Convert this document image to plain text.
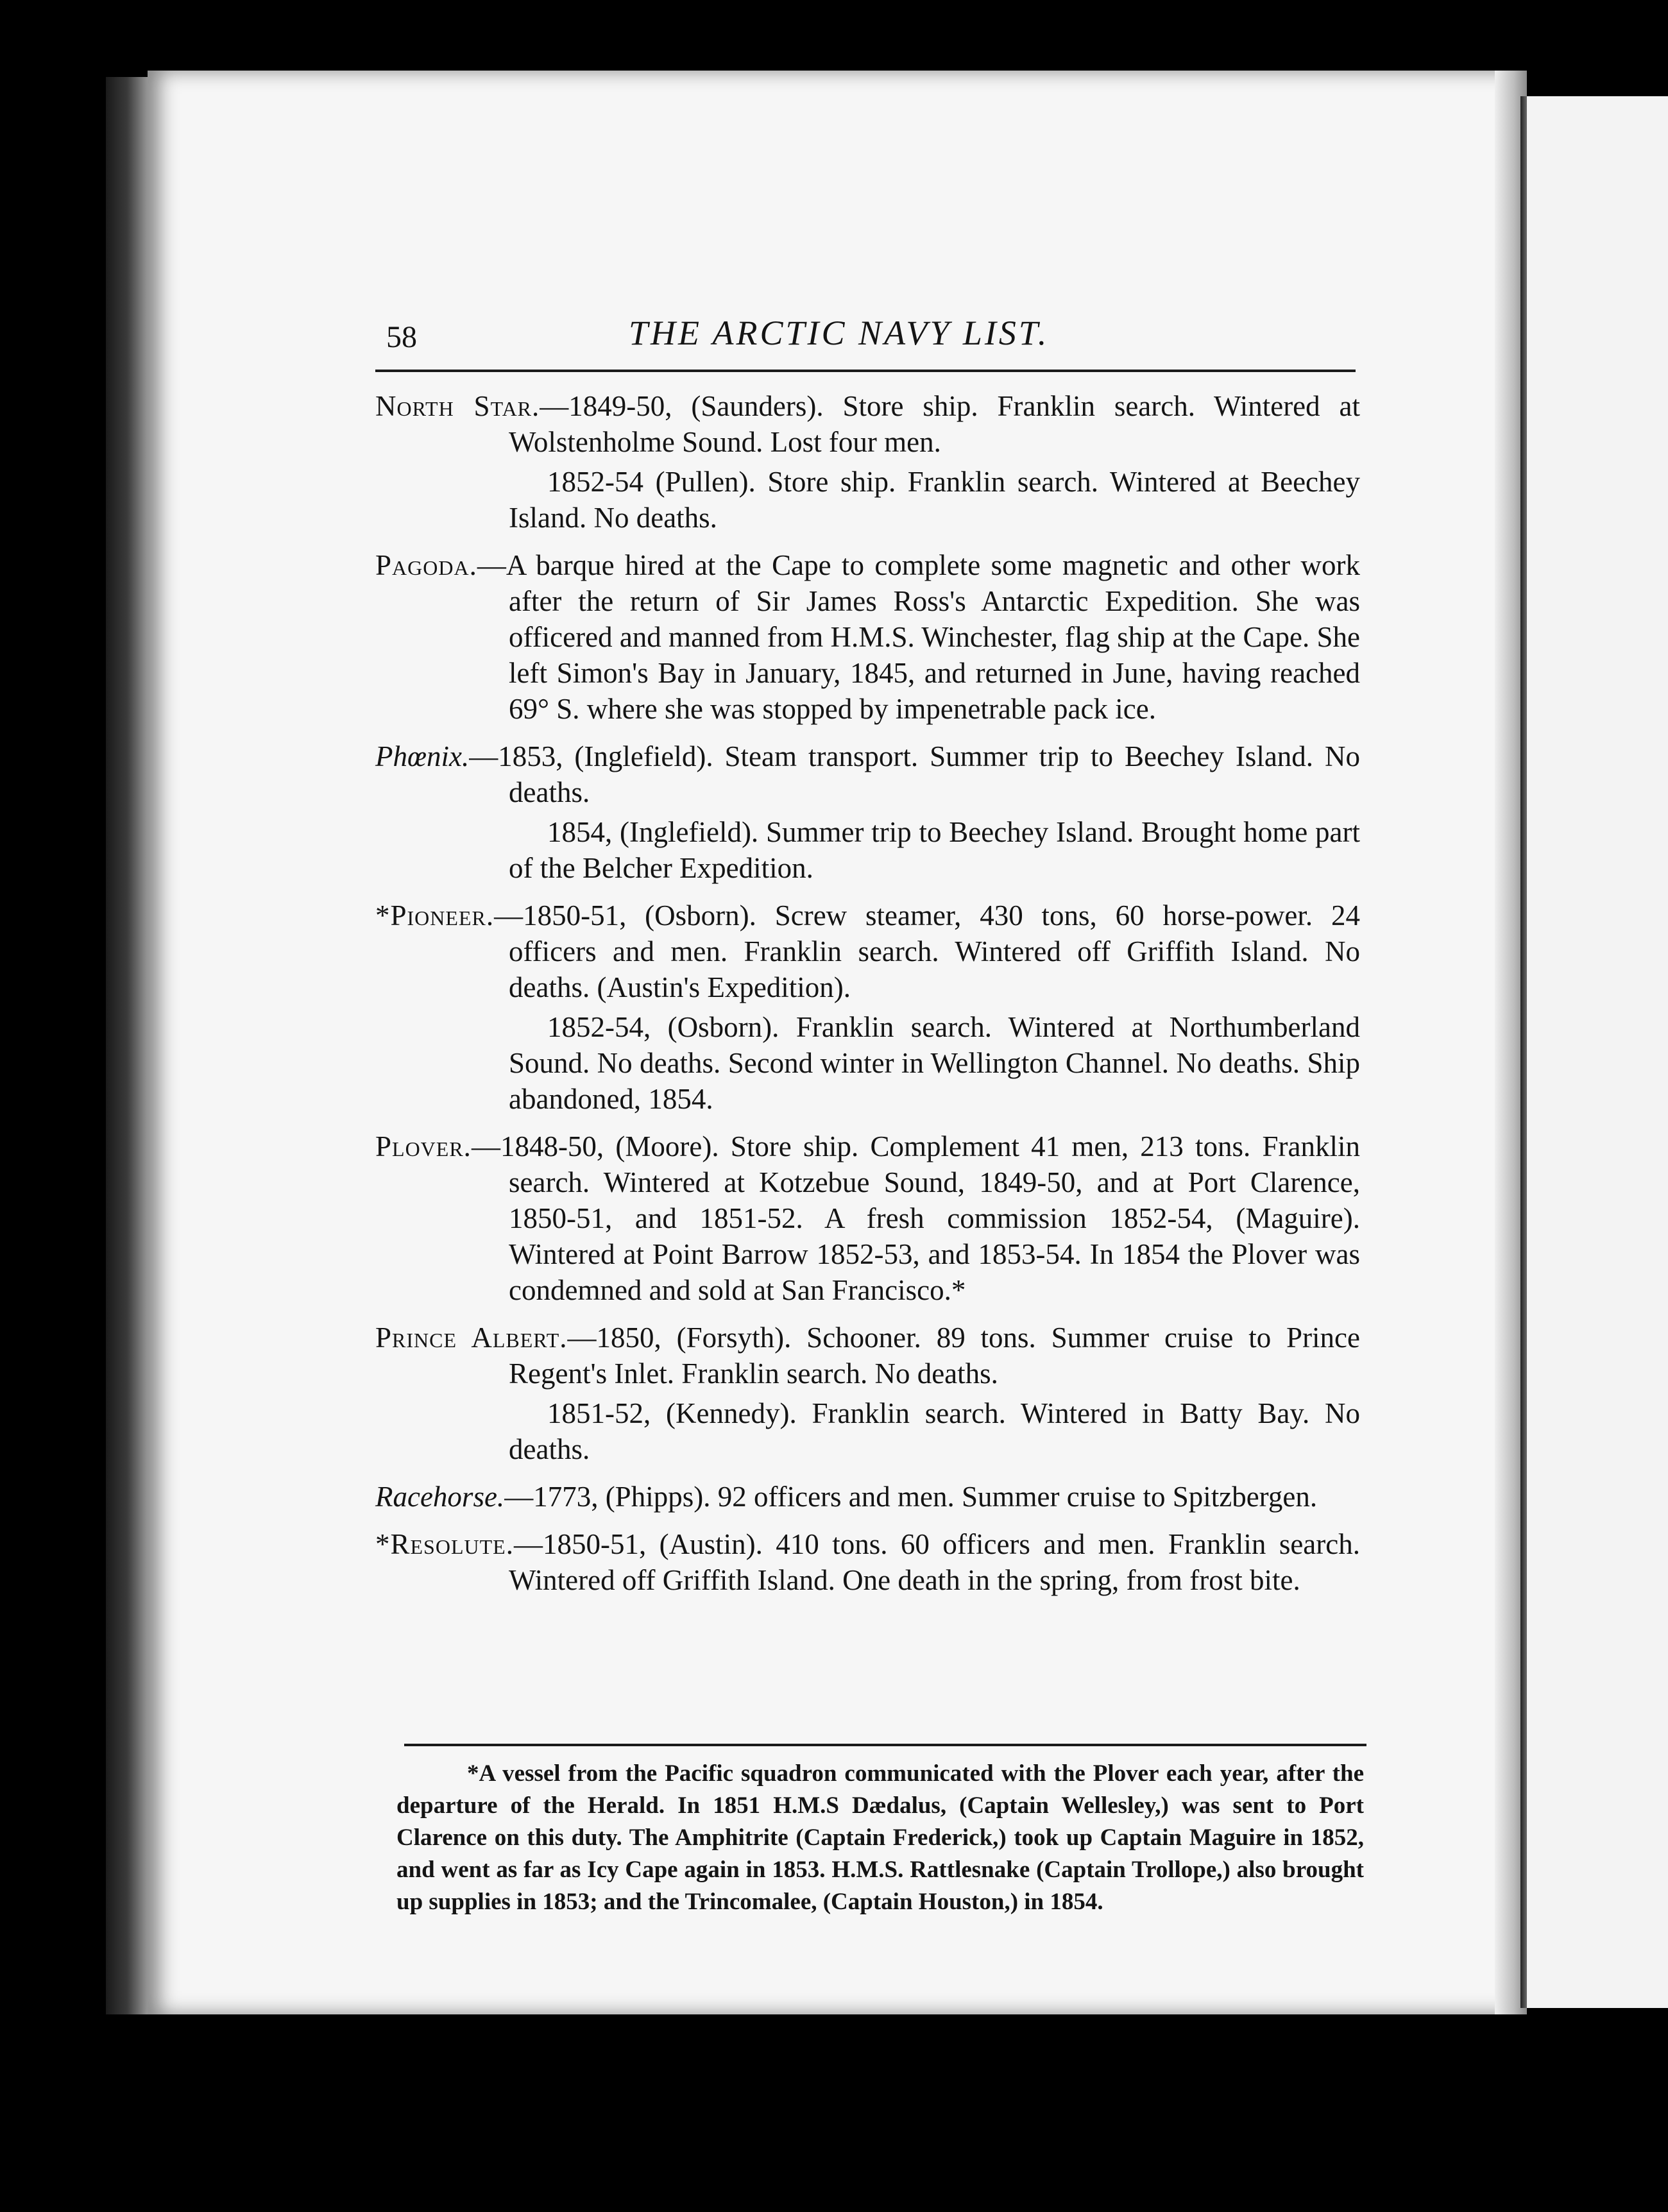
58	THE ARCTIC NAVY LIST.
North Star.—1849-50, (Saunders). Store ship. Franklin search. Wintered at Wolstenholme Sound. Lost four men.
1852-54 (Pullen). Store ship. Franklin search. Wintered at Beechey Island. No deaths.
Pagoda.—A barque hired at the Cape to complete some magnetic and other work after the return of Sir James Ross's Antarctic Expedition. She was officered and manned from H.M.S. Winchester, flag ship at the Cape. She left Simon's Bay in January, 1845, and returned in June, having reached 69° S. where she was stopped by impenetrable pack ice.
Phœnix.—1853, (Inglefield). Steam transport. Summer trip to Beechey Island. No deaths.
1854, (Inglefield). Summer trip to Beechey Island. Brought home part of the Belcher Expedition.
*Pioneer.—1850-51, (Osborn). Screw steamer, 430 tons, 60 horse-power. 24 officers and men. Franklin search. Wintered off Griffith Island. No deaths. (Austin's Expedition).
1852-54, (Osborn). Franklin search. Wintered at Northumberland Sound. No deaths. Second winter in Wellington Channel. No deaths. Ship abandoned, 1854.
Plover.—1848-50, (Moore). Store ship. Complement 41 men, 213 tons. Franklin search. Wintered at Kotzebue Sound, 1849-50, and at Port Clarence, 1850-51, and 1851-52. A fresh commission 1852-54, (Maguire). Wintered at Point Barrow 1852-53, and 1853-54. In 1854 the Plover was condemned and sold at San Francisco.*
Prince Albert.—1850, (Forsyth). Schooner. 89 tons. Summer cruise to Prince Regent's Inlet. Franklin search. No deaths.
1851-52, (Kennedy). Franklin search. Wintered in Batty Bay. No deaths.
Racehorse.—1773, (Phipps). 92 officers and men. Summer cruise to Spitzbergen.
*Resolute.—1850-51, (Austin). 410 tons. 60 officers and men. Franklin search. Wintered off Griffith Island. One death in the spring, from frost bite.
*A vessel from the Pacific squadron communicated with the Plover each year, after the departure of the Herald. In 1851 H.M.S Dædalus, (Captain Wellesley,) was sent to Port Clarence on this duty. The Amphitrite (Captain Frederick,) took up Captain Maguire in 1852, and went as far as Icy Cape again in 1853. H.M.S. Rattlesnake (Captain Trollope,) also brought up supplies in 1853; and the Trincomalee, (Captain Houston,) in 1854.
